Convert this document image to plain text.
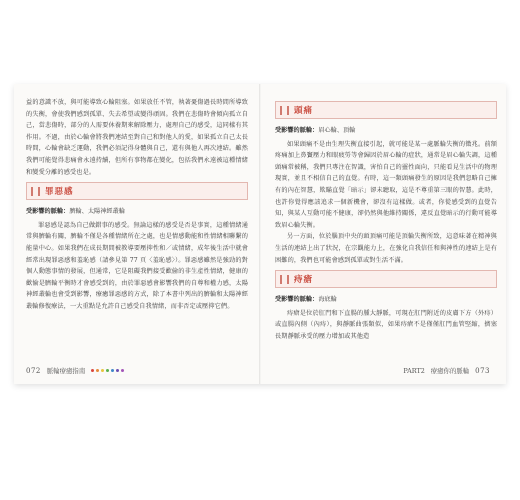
益的意識不放，與可能導致心輪阻塞。如果放任不管，執著憂傷過長時間所導致的失衡，會使我們感到孤單、失去希望或變得頑固。我們在悲傷時會傾向孤立自己，當悲傷時，部分的人需要休養期來解除壓力，處理自己的感受，這同樣有其作用。不過，由於心輪會將我們連結至對自己和對他人的愛，如果孤立自己太長時間，心輪會缺乏運動，我們必須記得身體與自己，還有與他人再次連結。雖然我們可能覺得悲痛會永遠持續，但所有事物都在變化，包括我們永遠被這種情緒和變愛分離的感受也是。

罪惡感
受影響的脈輪：臍輪、太陽神經叢輪

罪惡感是認為自己做錯事的感受。無論這樣的感受是否是事實，這種情緒通常與臍輪有關，臍輪不僅是各種情緒所在之處，也是情感動能和性情緒相聯繫的能量中心。如果我們在成長期間被教導要壓抑性和／或情緒，成年後生活中就會經常出現罪惡感和羞恥感（請參見第 77 頁〈羞恥感〉）。罪惡感雖然是強勁的對個人動態事情的發展，但通常，它是阻礙我們接受歡偷的非生產性情緒，健康的歡愉是臍輪平衡時才會感受到的，由於罪惡感會影響我們的自尊和權力感，太陽神經叢輪也會受到影響，療癒罪惡感的方式，除了本書中列出的臍輪和太陽神經叢輪修復療法，一大重點是允許自己感受自我情緒，而非否定或壓抑它們。

072 脈輪療癒指南
頭痛
受影響的脈輪：眉心輪、頂輪

如果頭痛不是由生理失衡直接引起，就可能是某一處脈輪失衡的徵兆。前額疼痛加上鼻竇壓力和眼疲勞等會歸因於眉心輪的症狀，通常是眉心輪失調，這種頭痛常被稱，我們只專注在智識，害怕自己的靈性面向，只能看見生活中的物理現實，並且不相信自己的直覺。有時，這一類頭痛發生的原因是我們忽略自己擁有的內在智慧，欺瞞直覺「暗示」卻未聽取，這是不尊重第三眼的智慧。此時，也許你覺得應該追求一個新機會，卻沒有這樣做。或者，你從感受到的直覺告知，與某人互動可能不健康，卻仍然與他維持關係，違反直覺暗示的行動可能導致眉心輪失衡。

另一方面，位於腦頂中央的頭頂痛可能是頂輪失衡所致，這意味著在精神與生活的連結上出了狀況，在宗觀能力上，在強化自我信任和與神性的連結上是有困難的，我們也可能會感到孤單或對生活不滿。

痔瘡
受影響的脈輪：海底輪

痔瘡是位於肛門和下直腸的腫大靜脈，可現在肛門附近的皮膚下方（外痔）或直腸內側（內痔），與靜脈曲張類似，如果痔瘡不是僅僅肛門血管堅縮，擠塞長期靜脈承受的壓力增加或其他造

PART2 療癒你的脈輪 073
